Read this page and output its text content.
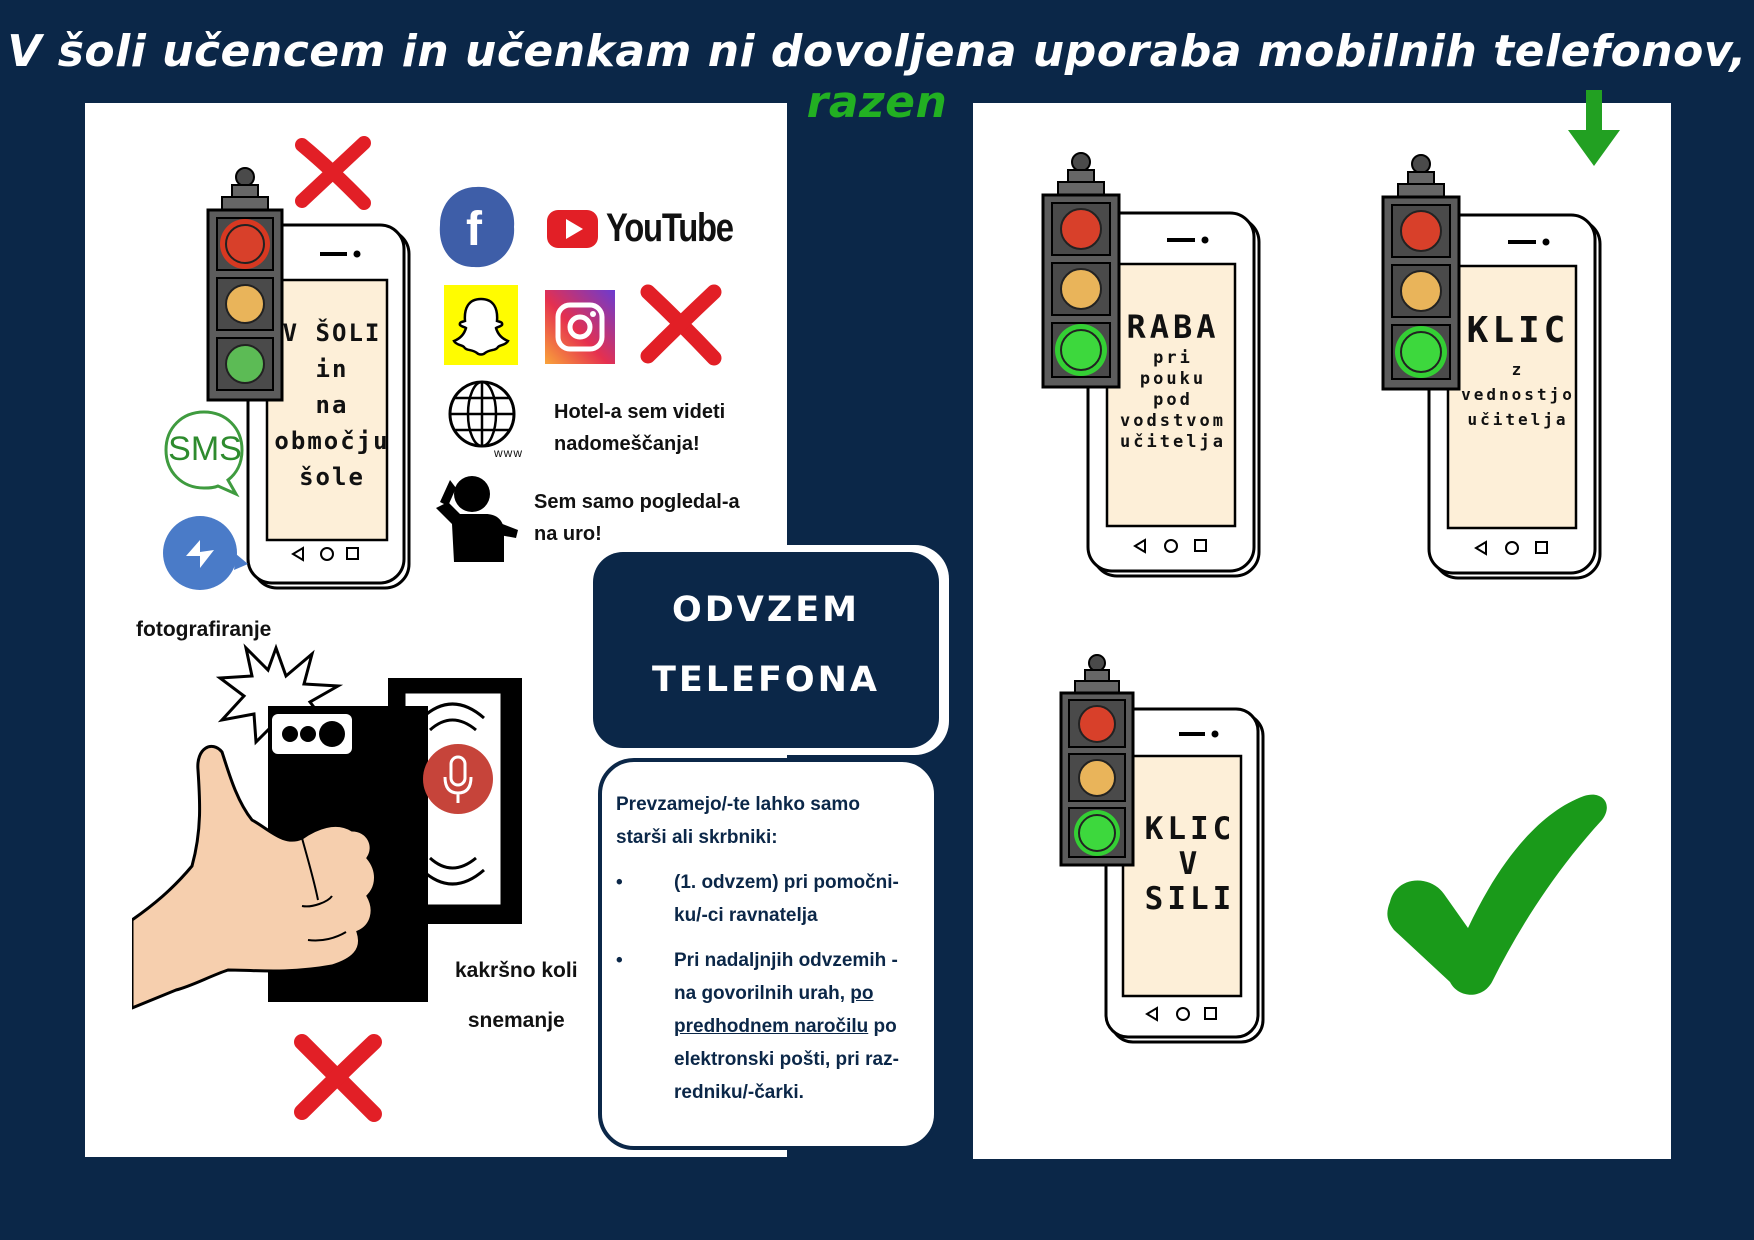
V šoli učencem in učenkam ni dovoljena uporaba mobilnih telefonov, razen
V ŠOLI
in
na
območju
šole
f	YouTube
www
Hotel-a sem videti
nadomeščanja!
SMS
Sem samo pogledal-a
na uro!
fotografiranje
kakršno koli
snemanje
ODVZEM
TELEFONA
Prevzamejo/-te lahko samo
starši ali skrbniki:
• (1. odvzem) pri pomočni-
ku/-ci ravnatelja
• Pri nadaljnjih odvzemih -
na govorilnih urah, po
predhodnem naročilu po
elektronski pošti, pri raz-
redniku/-čarki.
RABA
pri
pouku
pod
vodstvom
učitelja
KLIC
z
vednostjo
učitelja
KLIC
V
SILI
